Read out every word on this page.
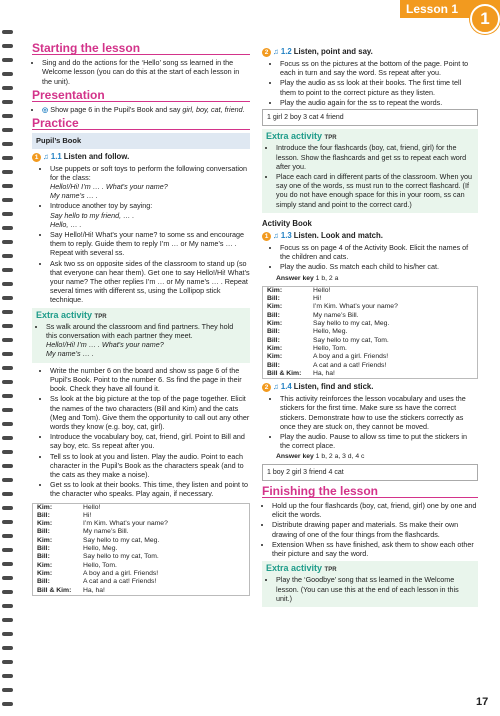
Lesson 1	1
Starting the lesson
• Sing and do the actions for the ‘Hello’ song ss learned in the Welcome lesson (you can do this at the start of each lesson in the unit).
Presentation
• ◎ Show page 6 in the Pupil’s Book and say girl, boy, cat, friend.
Practice
Pupil’s Book
1 ♫ 1.1 Listen and follow.
• Use puppets or soft toys to perform the following conversation for the class:
Hello!/Hi! I’m … . What’s your name?
My name’s … .
• Introduce another toy by saying:
Say hello to my friend, … .
Hello, … .
• Say Hello!/Hi! What’s your name? to some ss and encourage them to reply. Guide them to reply I’m … or My name’s … . Repeat with several ss.
• Ask two ss on opposite sides of the classroom to stand up (so that everyone can hear them). Get one to say Hello!/Hi! What’s your name? The other replies I’m … or My name’s … . Repeat several times with different ss, using the Lollipop stick technique.
Extra activity TPR
• Ss walk around the classroom and find partners. They hold this conversation with each partner they meet.
Hello!/Hi! I’m … . What’s your name?
My name’s … .
• Write the number 6 on the board and show ss page 6 of the Pupil’s Book. Point to the number 6. Ss find the page in their book. Check they have all found it.
• Ss look at the big picture at the top of the page together. Elicit the names of the two characters (Bill and Kim) and the cats (Meg and Tom). Give them the opportunity to call out any other words they know (e.g. boy, cat, girl).
• Introduce the vocabulary boy, cat, friend, girl. Point to Bill and say boy, etc. Ss repeat after you.
• Tell ss to look at you and listen. Play the audio. Point to each character in the Pupil’s Book as the characters speak (and to the cats as they make a noise).
• Get ss to look at their books. This time, they listen and point to the character who speaks. Play again, if necessary.
Kim:	Hello!
Bill:	Hi!
Kim:	I’m Kim. What’s your name?
Bill:	My name’s Bill.
Kim:	Say hello to my cat, Meg.
Bill:	Hello, Meg.
Bill:	Say hello to my cat, Tom.
Kim:	Hello, Tom.
Kim:	A boy and a girl. Friends!
Bill:	A cat and a cat! Friends!
Bill & Kim:	Ha, ha!
2 ♫ 1.2 Listen, point and say.
• Focus ss on the pictures at the bottom of the page. Point to each in turn and say the word. Ss repeat after you.
• Play the audio as ss look at their books. The first time tell them to point to the correct picture as they listen.
• Play the audio again for the ss to repeat the words.
1 girl 2 boy 3 cat 4 friend
Extra activity TPR
• Introduce the four flashcards (boy, cat, friend, girl) for the lesson. Show the flashcards and get ss to repeat each word after you.
• Place each card in different parts of the classroom. When you say one of the words, ss must run to the correct flashcard. (If you do not have enough space for this in your room, ss can simply stand and point to the correct card.)
Activity Book
1 ♫ 1.3 Listen. Look and match.
• Focus ss on page 4 of the Activity Book. Elicit the names of the children and cats.
• Play the audio. Ss match each child to his/her cat.
Answer key 1 b, 2 a
Kim:	Hello!
Bill:	Hi!
Kim:	I’m Kim. What’s your name?
Bill:	My name’s Bill.
Kim:	Say hello to my cat, Meg.
Bill:	Hello, Meg.
Bill:	Say hello to my cat, Tom.
Kim:	Hello, Tom.
Kim:	A boy and a girl. Friends!
Bill:	A cat and a cat! Friends!
Bill & Kim:	Ha, ha!
2 ♫ 1.4 Listen, find and stick.
• This activity reinforces the lesson vocabulary and uses the stickers for the first time. Make sure ss have the correct stickers. Demonstrate how to use the stickers correctly as once they are stuck on, they cannot be moved.
• Play the audio. Pause to allow ss time to put the stickers in the correct place.
Answer key 1 b, 2 a, 3 d, 4 c
1 boy 2 girl 3 friend 4 cat
Finishing the lesson
• Hold up the four flashcards (boy, cat, friend, girl) one by one and elicit the words.
• Distribute drawing paper and materials. Ss make their own drawing of one of the four things from the flashcards.
• Extension When ss have finished, ask them to show each other their picture and say the word.
Extra activity TPR
• Play the ‘Goodbye’ song that ss learned in the Welcome lesson. (You can use this at the end of each lesson in this unit.)
17
